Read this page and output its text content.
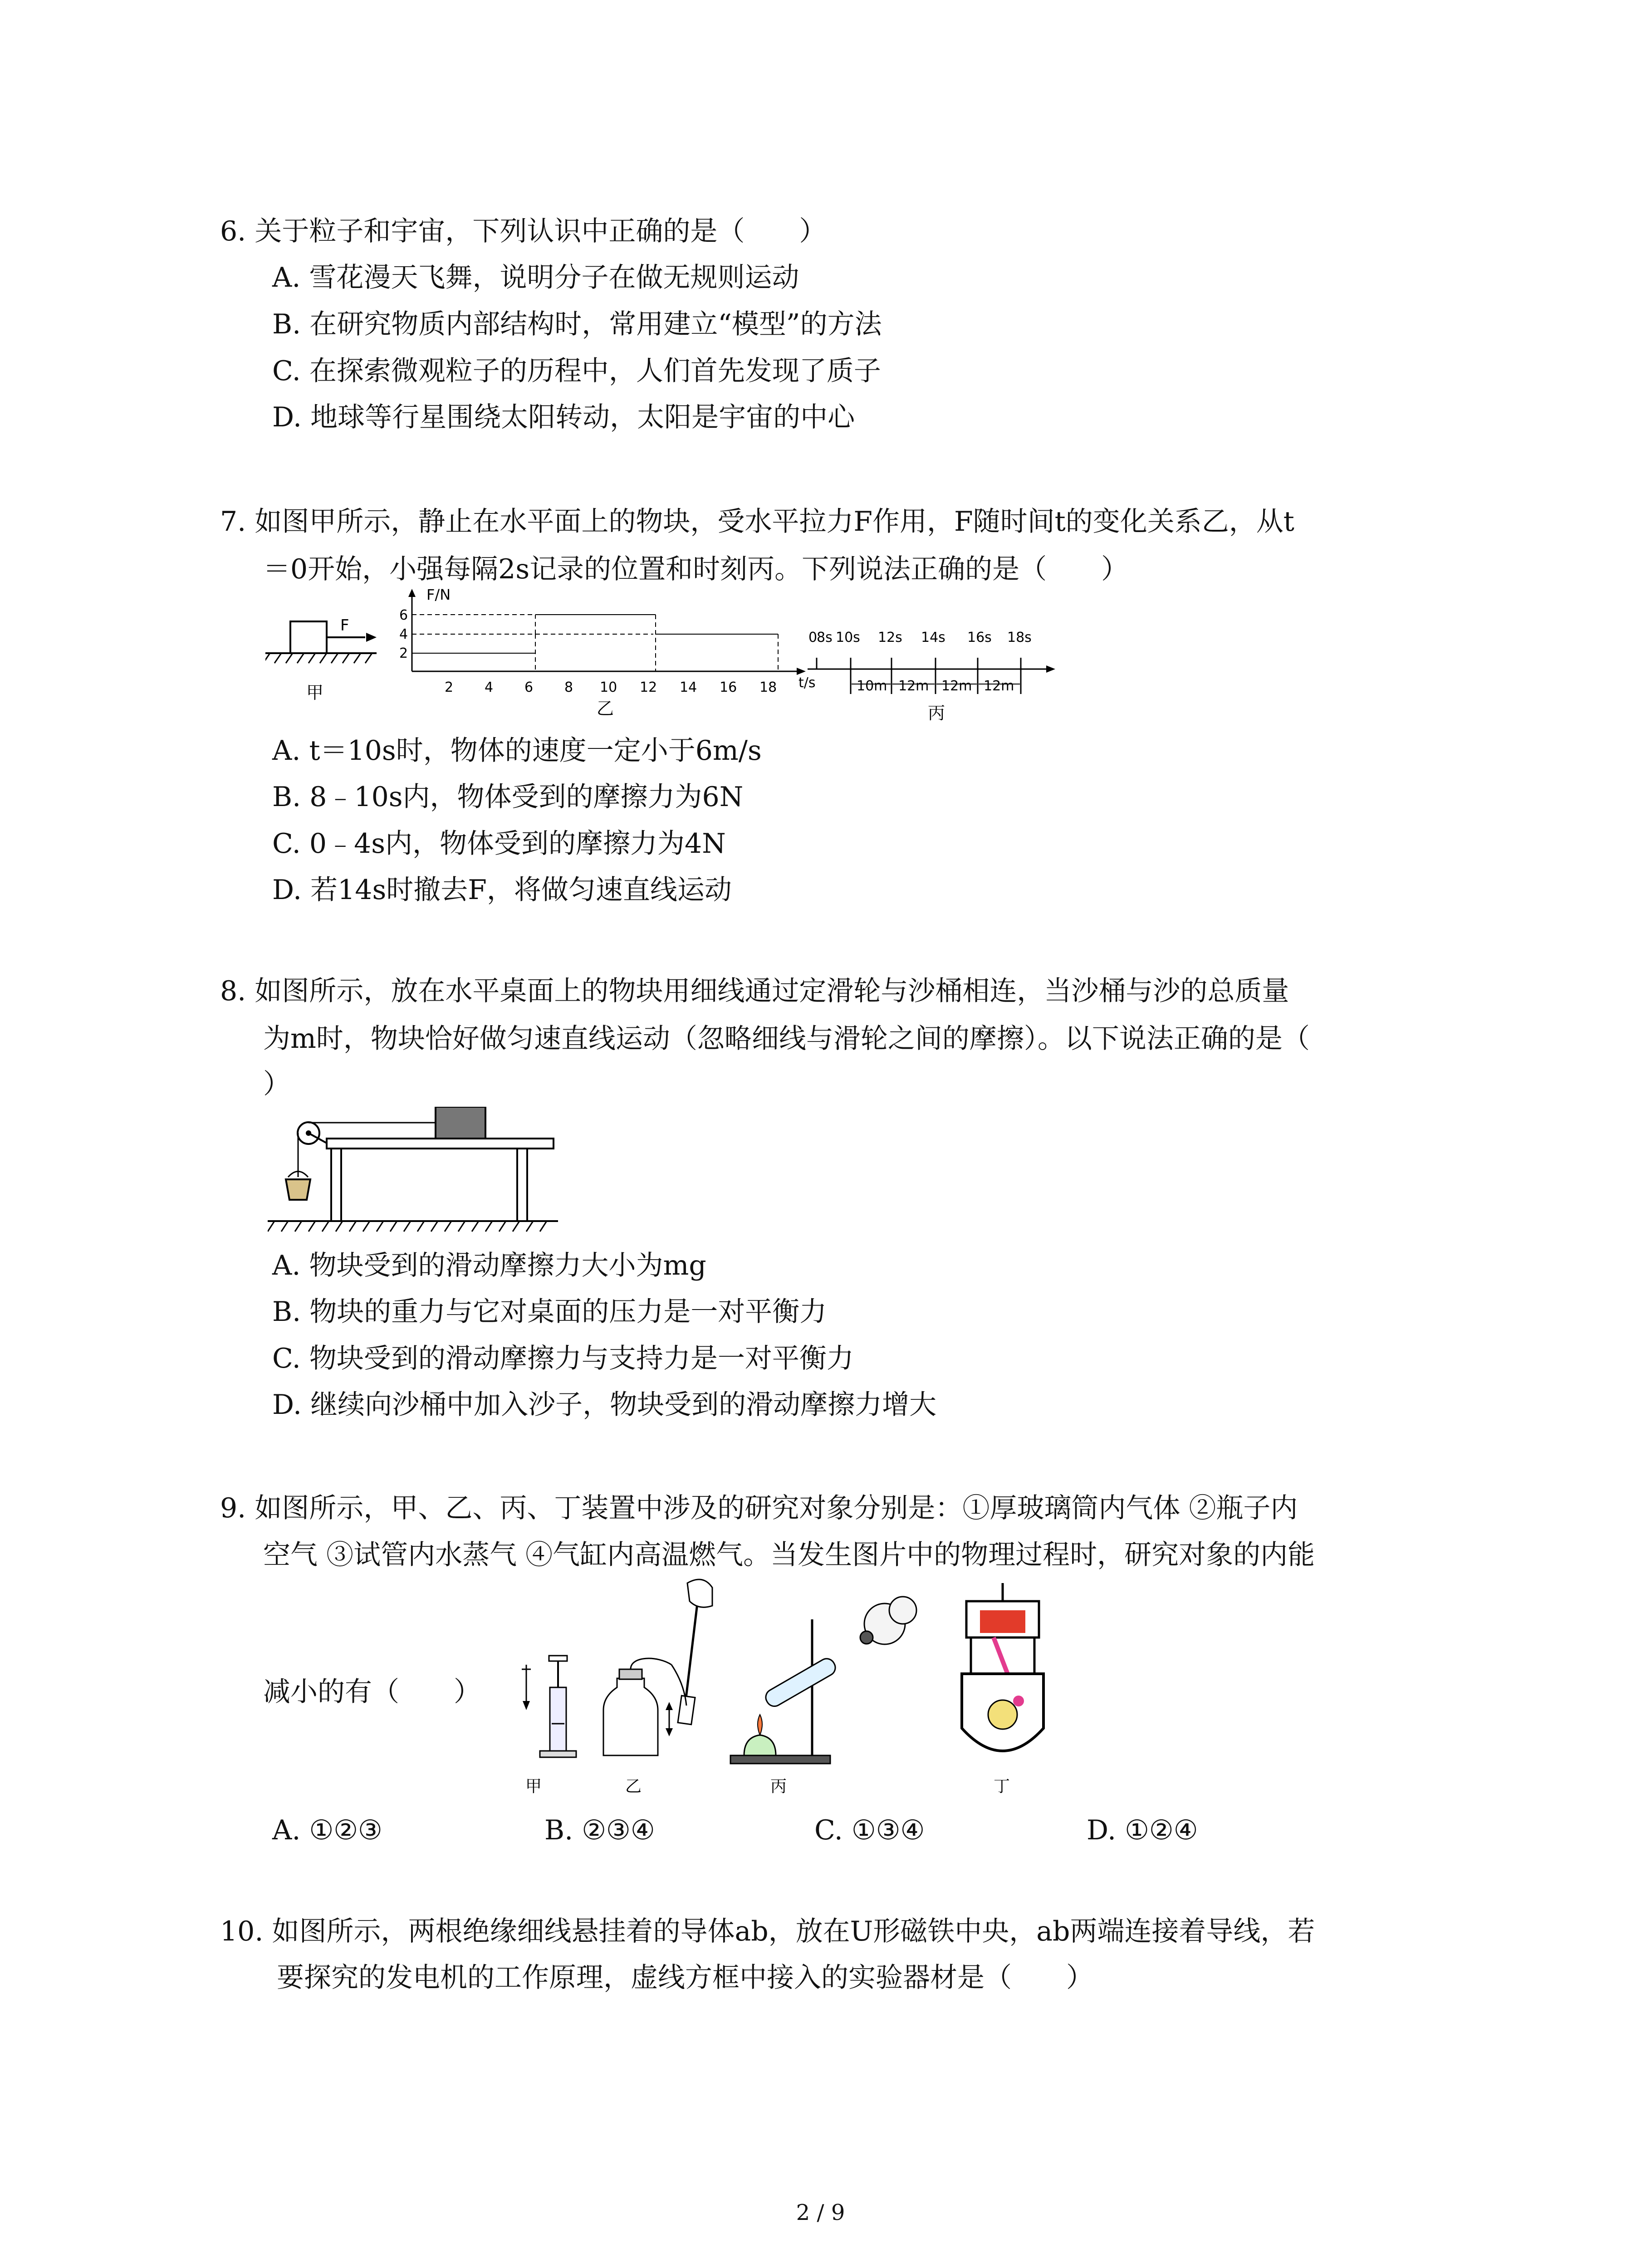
6. 关于粒子和宇宙，下列认识中正确的是（　　）
A. 雪花漫天飞舞，说明分子在做无规则运动
B. 在研究物质内部结构时，常用建立“模型”的方法
C. 在探索微观粒子的历程中，人们首先发现了质子
D. 地球等行星围绕太阳转动，太阳是宇宙的中心
7. 如图甲所示，静止在水平面上的物块，受水平拉力F作用，F随时间t的变化关系乙，从t
＝0开始，小强每隔2s记录的位置和时刻丙。下列说法正确的是（　　）
F
甲
F/N
2
4
6
2 4 6 8 10 12 14 16 18 t/s
乙
0
8s 10s 12s 14s 16s 18s
10m 12m 12m 12m
丙
A. t＝10s时，物体的速度一定小于6m/s
B. 8﹣10s内，物体受到的摩擦力为6N
C. 0﹣4s内，物体受到的摩擦力为4N
D. 若14s时撤去F，将做匀速直线运动
8. 如图所示，放在水平桌面上的物块用细线通过定滑轮与沙桶相连，当沙桶与沙的总质量
为m时，物块恰好做匀速直线运动（忽略细线与滑轮之间的摩擦）。以下说法正确的是（
）
A. 物块受到的滑动摩擦力大小为mg
B. 物块的重力与它对桌面的压力是一对平衡力
C. 物块受到的滑动摩擦力与支持力是一对平衡力
D. 继续向沙桶中加入沙子，物块受到的滑动摩擦力增大
9. 如图所示，甲、乙、丙、丁装置中涉及的研究对象分别是：①厚玻璃筒内气体 ②瓶子内
空气 ③试管内水蒸气 ④气缸内高温燃气。当发生图片中的物理过程时，研究对象的内能
减小的有（　　）
甲	乙	丙	丁
A. ①②③	B. ②③④	C. ①③④	D. ①②④
10. 如图所示，两根绝缘细线悬挂着的导体ab，放在U形磁铁中央，ab两端连接着导线，若
要探究的发电机的工作原理，虚线方框中接入的实验器材是（　　）
2 / 9
